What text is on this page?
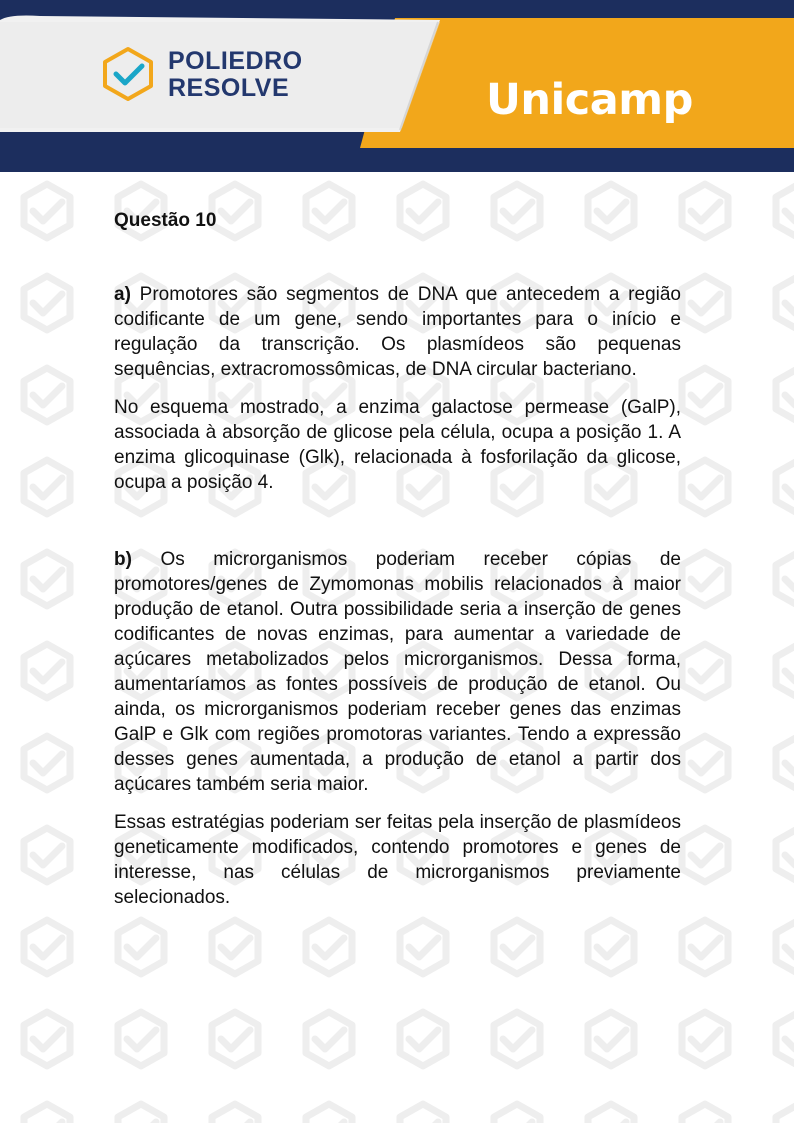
POLIEDRO
RESOLVE	Unicamp
Questão 10

a) Promotores são segmentos de DNA que antecedem a região codificante de um gene, sendo importantes para o início e regulação da transcrição. Os plasmídeos são pequenas sequências, extracromossômicas, de DNA circular bacteriano.

No esquema mostrado, a enzima galactose permease (GalP), associada à absorção de glicose pela célula, ocupa a posição 1. A enzima glicoquinase (Glk), relacionada à fosforilação da glicose, ocupa a posição 4.

b) Os microrganismos poderiam receber cópias de promotores/genes de Zymomonas mobilis relacionados à maior produção de etanol. Outra possibilidade seria a inserção de genes codificantes de novas enzimas, para aumentar a variedade de açúcares metabolizados pelos microrganismos. Dessa forma, aumentaríamos as fontes possíveis de produção de etanol. Ou ainda, os microrganismos poderiam receber genes das enzimas GalP e Glk com regiões promotoras variantes. Tendo a expressão desses genes aumentada, a produção de etanol a partir dos açúcares também seria maior.

Essas estratégias poderiam ser feitas pela inserção de plasmídeos geneticamente modificados, contendo promotores e genes de interesse, nas células de microrganismos previamente selecionados.
